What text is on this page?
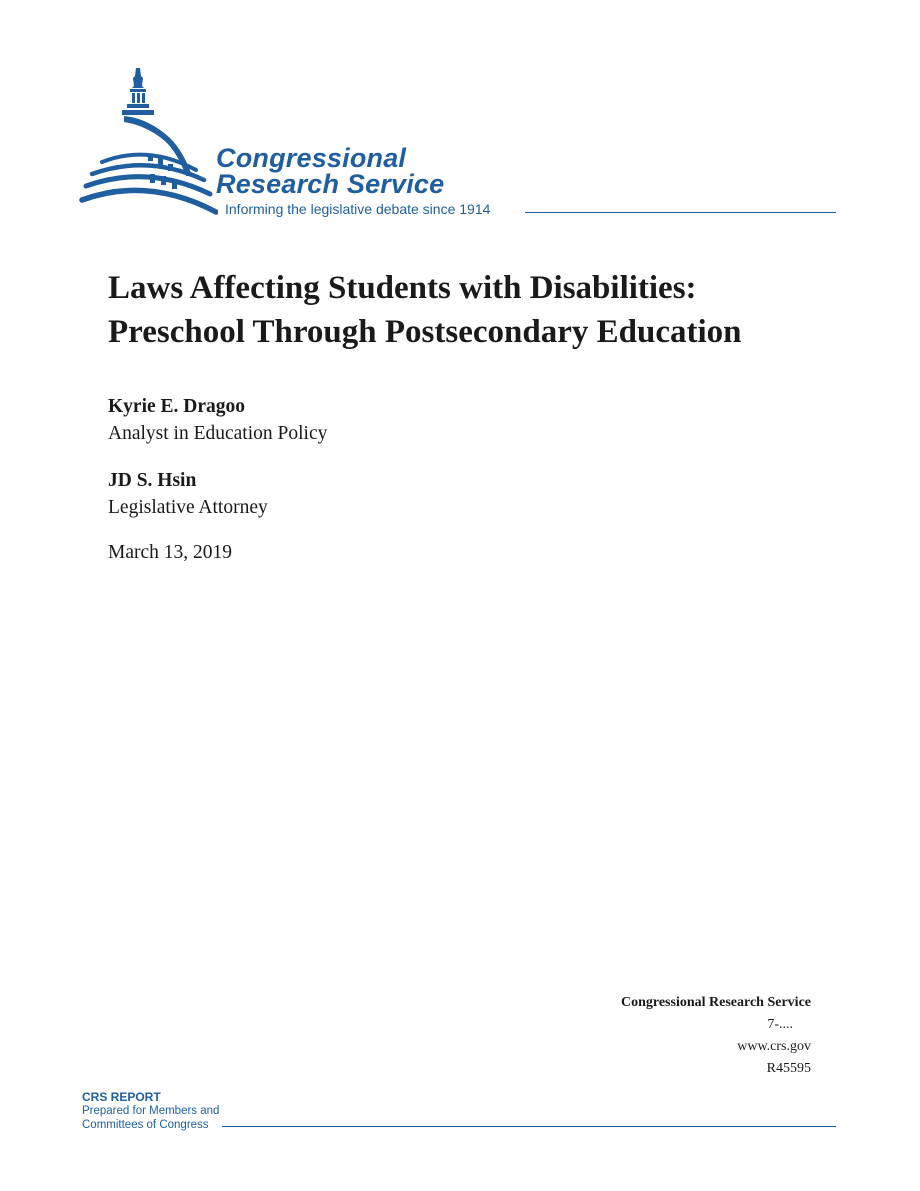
Congressional
Research Service
Informing the legislative debate since 1914
Laws Affecting Students with Disabilities:
Preschool Through Postsecondary Education
Kyrie E. Dragoo
Analyst in Education Policy
JD S. Hsin
Legislative Attorney
March 13, 2019
Congressional Research Service
7-....
www.crs.gov
R45595
CRS REPORT
Prepared for Members and
Committees of Congress
